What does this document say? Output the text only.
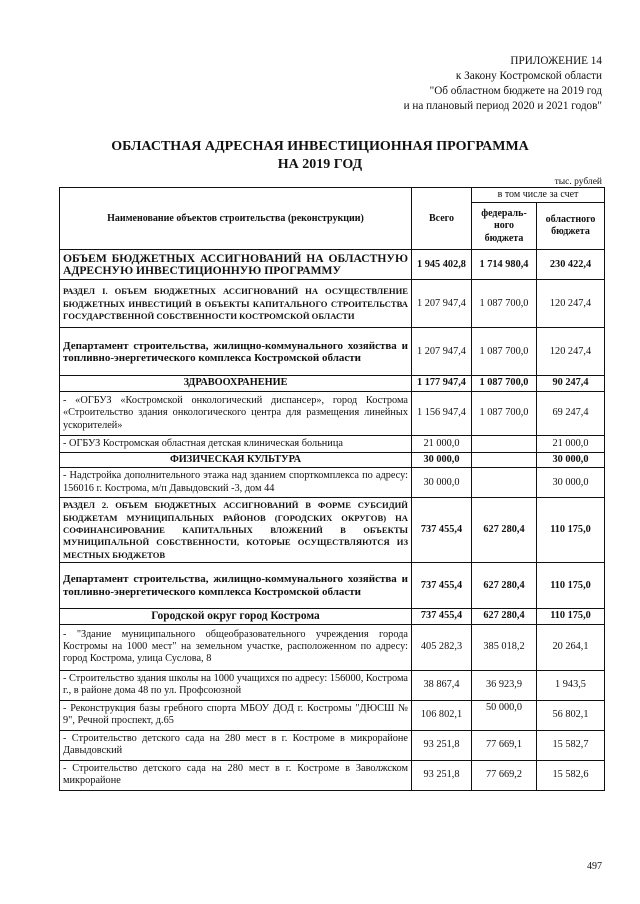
ПРИЛОЖЕНИЕ 14
к Закону Костромской области
"Об областном бюджете на 2019 год
и на плановый период 2020 и 2021 годов"
ОБЛАСТНАЯ АДРЕСНАЯ ИНВЕСТИЦИОННАЯ ПРОГРАММА
НА 2019 ГОД
тыс. рублей
Наименование объектов строительства (реконструкции)	Всего	в том числе за счет	
		федераль-ного бюджета	областного бюджета
ОБЪЕМ БЮДЖЕТНЫХ АССИГНОВАНИЙ НА ОБЛАСТНУЮ АДРЕСНУЮ ИНВЕСТИЦИОННУЮ ПРОГРАММУ	1 945 402,8	1 714 980,4	230 422,4
РАЗДЕЛ I. ОБЪЕМ БЮДЖЕТНЫХ АССИГНОВАНИЙ НА ОСУЩЕСТВЛЕНИЕ БЮДЖЕТНЫХ ИНВЕСТИЦИЙ В ОБЪЕКТЫ КАПИТАЛЬНОГО СТРОИТЕЛЬСТВА ГОСУДАРСТВЕННОЙ СОБСТВЕННОСТИ КОСТРОМСКОЙ ОБЛАСТИ	1 207 947,4	1 087 700,0	120 247,4
Департамент строительства, жилищно-коммунального хозяйства и топливно-энергетического комплекса Костромской области	1 207 947,4	1 087 700,0	120 247,4
ЗДРАВООХРАНЕНИЕ	1 177 947,4	1 087 700,0	90 247,4
- «ОГБУЗ «Костромской онкологический диспансер», город Кострома «Строительство здания онкологического центра для размещения линейных ускорителей»	1 156 947,4	1 087 700,0	69 247,4
- ОГБУЗ Костромская областная детская клиническая больница	21 000,0		21 000,0
ФИЗИЧЕСКАЯ КУЛЬТУРА	30 000,0		30 000,0
- Надстройка дополнительного этажа над зданием спорткомплекса по адресу: 156016 г. Кострома, м/п Давыдовский -3, дом 44	30 000,0		30 000,0
РАЗДЕЛ 2. ОБЪЕМ БЮДЖЕТНЫХ АССИГНОВАНИЙ В ФОРМЕ СУБСИДИЙ БЮДЖЕТАМ МУНИЦИПАЛЬНЫХ РАЙОНОВ (ГОРОДСКИХ ОКРУГОВ) НА СОФИНАНСИРОВАНИЕ КАПИТАЛЬНЫХ ВЛОЖЕНИЙ В ОБЪЕКТЫ МУНИЦИПАЛЬНОЙ СОБСТВЕННОСТИ, КОТОРЫЕ ОСУЩЕСТВЛЯЮТСЯ ИЗ МЕСТНЫХ БЮДЖЕТОВ	737 455,4	627 280,4	110 175,0
Департамент строительства, жилищно-коммунального хозяйства и топливно-энергетического комплекса Костромской области	737 455,4	627 280,4	110 175,0
Городской округ город Кострома	737 455,4	627 280,4	110 175,0
- "Здание муниципального общеобразовательного учреждения города Костромы на 1000 мест" на земельном участке, расположенном по адресу: город Кострома, улица Суслова, 8	405 282,3	385 018,2	20 264,1
- Строительство здания школы на 1000 учащихся по адресу: 156000, Кострома г., в районе дома 48 по ул. Профсоюзной	38 867,4	36 923,9	1 943,5
- Реконструкция базы гребного спорта МБОУ ДОД г. Костромы "ДЮСШ № 9", Речной проспект, д.65	106 802,1	50 000,0	56 802,1
- Строительство детского сада на 280 мест в г. Костроме в микрорайоне Давыдовский	93 251,8	77 669,1	15 582,7
- Строительство детского сада на 280 мест в г. Костроме в Заволжском микрорайоне	93 251,8	77 669,2	15 582,6
497
